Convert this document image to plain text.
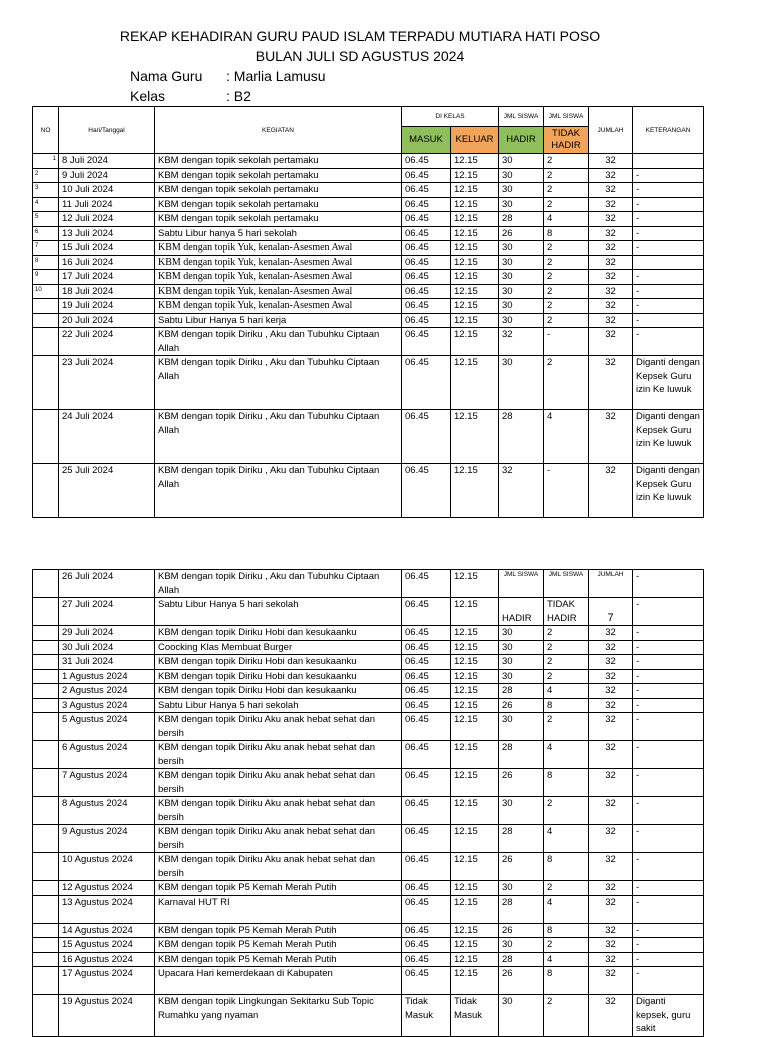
REKAP KEHADIRAN GURU PAUD ISLAM TERPADU MUTIARA HATI POSO
BULAN JULI SD AGUSTUS 2024
Nama Guru : Marlia Lamusu
Kelas	: B2
NO	Hari/Tanggal	KEGIATAN	DI KELAS		JML SISWA	JML SISWA	JUMLAH	KETERANGAN
			MASUK	KELUAR	HADIR	TIDAK HADIR		
1	8 Juli 2024	KBM dengan topik sekolah pertamaku	06.45	12.15	30	2	32	
2	9 Juli 2024	KBM dengan topik sekolah pertamaku	06.45	12.15	30	2	32	-
3	10 Juli 2024	KBM dengan topik sekolah pertamaku	06.45	12.15	30	2	32	-
4	11 Juli 2024	KBM dengan topik sekolah pertamaku	06.45	12.15	30	2	32	-
5	12 Juli 2024	KBM dengan topik sekolah pertamaku	06.45	12.15	28	4	32	-
6	13 Juli 2024	Sabtu Libur hanya 5 hari sekolah	06.45	12.15	26	8	32	-
7	15 Juli 2024	KBM dengan topik Yuk, kenalan-Asesmen Awal	06.45	12.15	30	2	32	-
8	16 Juli 2024	KBM dengan topik Yuk, kenalan-Asesmen Awal	06.45	12.15	30	2	32	
9	17 Juli 2024	KBM dengan topik Yuk, kenalan-Asesmen Awal	06.45	12.15	30	2	32	-
10	18 Juli 2024	KBM dengan topik Yuk, kenalan-Asesmen Awal	06.45	12.15	30	2	32	-
	19 Juli 2024	KBM dengan topik Yuk, kenalan-Asesmen Awal	06.45	12.15	30	2	32	-
	20 Juli 2024	Sabtu Libur Hanya 5 hari kerja	06.45	12.15	30	2	32	-
	22 Juli 2024	KBM dengan topik Diriku , Aku dan Tubuhku Ciptaan Allah	06.45	12.15	32	-	32	-
	23 Juli 2024	KBM dengan topik Diriku , Aku dan Tubuhku Ciptaan Allah	06.45	12.15	30	2	32	Diganti dengan Kepsek Guru izin Ke luwuk
	24 Juli 2024	KBM dengan topik Diriku , Aku dan Tubuhku Ciptaan Allah	06.45	12.15	28	4	32	Diganti dengan Kepsek Guru izin Ke luwuk
	25 Juli 2024	KBM dengan topik Diriku , Aku dan Tubuhku Ciptaan Allah	06.45	12.15	32	-	32	Diganti dengan Kepsek Guru izin Ke luwuk
	26 Juli 2024	KBM dengan topik Diriku , Aku dan Tubuhku Ciptaan Allah	06.45	12.15	JML SISWA	JML SISWA	JUMLAH	-
	27 Juli 2024	Sabtu Libur Hanya 5 hari sekolah	06.45	12.15	HADIR	TIDAK HADIR	7	-
	29 Juli 2024	KBM dengan topik Diriku Hobi dan kesukaanku	06.45	12.15	30	2	32	-
	30 Juli 2024	Coocking Klas Membuat Burger	06.45	12.15	30	2	32	-
	31 Juli 2024	KBM dengan topik Diriku Hobi dan kesukaanku	06.45	12.15	30	2	32	-
	1 Agustus 2024	KBM dengan topik Diriku Hobi dan kesukaanku	06.45	12.15	30	2	32	-
	2 Agustus 2024	KBM dengan topik Diriku Hobi dan kesukaanku	06.45	12.15	28	4	32	-
	3 Agustus 2024	Sabtu Libur Hanya 5 hari sekolah	06.45	12.15	26	8	32	-
	5 Agustus 2024	KBM dengan topik Diriku Aku anak hebat sehat dan bersih	06.45	12.15	30	2	32	-
	6 Agustus 2024	KBM dengan topik Diriku Aku anak hebat sehat dan bersih	06.45	12.15	28	4	32	-
	7 Agustus 2024	KBM dengan topik Diriku Aku anak hebat sehat dan bersih	06.45	12.15	26	8	32	-
	8 Agustus 2024	KBM dengan topik Diriku Aku anak hebat sehat dan bersih	06.45	12.15	30	2	32	-
	9 Agustus 2024	KBM dengan topik Diriku Aku anak hebat sehat dan bersih	06.45	12.15	28	4	32	-
	10 Agustus 2024	KBM dengan topik Diriku Aku anak hebat sehat dan bersih	06.45	12.15	26	8	32	-
	12 Agustus 2024	KBM dengan topik P5 Kemah Merah Putih	06.45	12.15	30	2	32	-
	13 Agustus 2024	Karnaval HUT RI	06.45	12.15	28	4	32	-
	14 Agustus 2024	KBM dengan topik P5 Kemah Merah Putih	06.45	12.15	26	8	32	-
	15 Agustus 2024	KBM dengan topik P5 Kemah Merah Putih	06.45	12.15	30	2	32	-
	16 Agustus 2024	KBM dengan topik P5 Kemah Merah Putih	06.45	12.15	28	4	32	-
	17 Agustus 2024	Upacara Hari kemerdekaan di Kabupaten	06.45	12.15	26	8	32	-
	19 Agustus 2024	KBM dengan topik Lingkungan Sekitarku Sub Topic Rumahku yang nyaman	Tidak Masuk	Tidak Masuk	30	2	32	Diganti kepsek, guru sakit
